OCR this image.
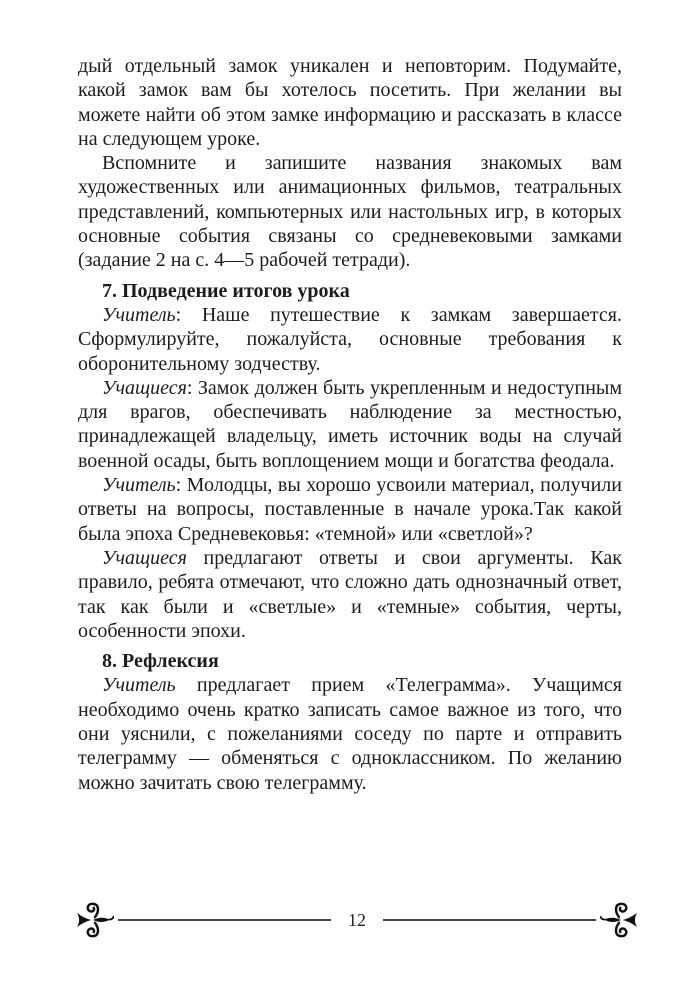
дый отдельный замок уникален и неповторим. Подумайте, какой замок вам бы хотелось посетить. При желании вы можете найти об этом замке информацию и рассказать в классе на следующем уроке.

Вспомните и запишите названия знакомых вам художественных или анимационных фильмов, театральных представлений, компьютерных или настольных игр, в которых основные события связаны со средневековыми замками (задание 2 на с. 4—5 рабочей тетради).

7. Подведение итогов урока

Учитель: Наше путешествие к замкам завершается. Сформулируйте, пожалуйста, основные требования к оборонительному зодчеству.

Учащиеся: Замок должен быть укрепленным и недоступным для врагов, обеспечивать наблюдение за местностью, принадлежащей владельцу, иметь источник воды на случай военной осады, быть воплощением мощи и богатства феодала.

Учитель: Молодцы, вы хорошо усвоили материал, получили ответы на вопросы, поставленные в начале урока.Так какой была эпоха Средневековья: «темной» или «светлой»?

Учащиеся предлагают ответы и свои аргументы. Как правило, ребята отмечают, что сложно дать однозначный ответ, так как были и «светлые» и «темные» события, черты, особенности эпохи.

8. Рефлексия

Учитель предлагает прием «Телеграмма». Учащимся необходимо очень кратко записать самое важное из того, что они уяснили, с пожеланиями соседу по парте и отправить телеграмму — обменяться с одноклассником. По желанию можно зачитать свою телеграмму.

12
